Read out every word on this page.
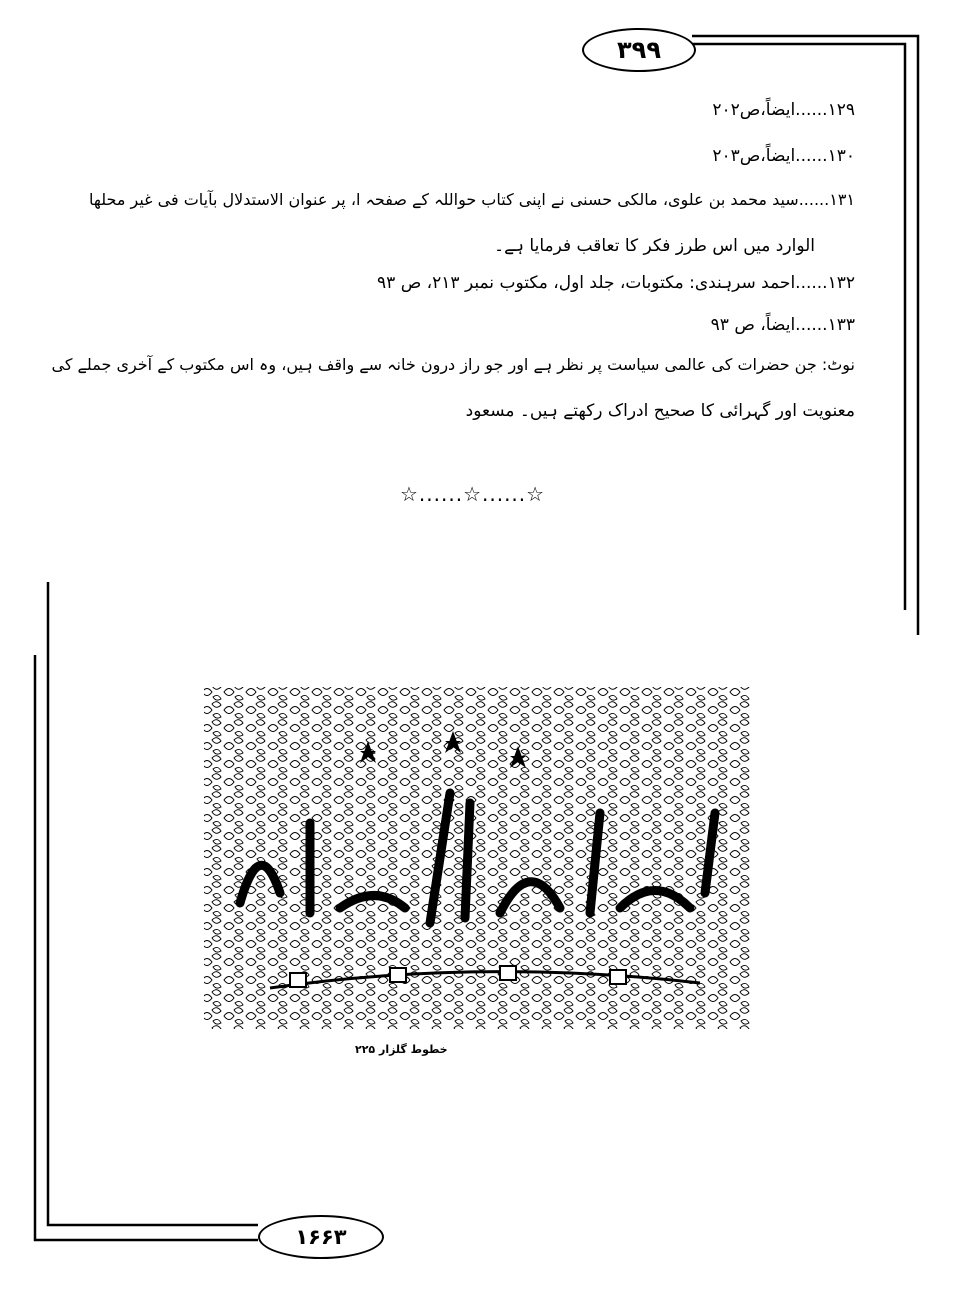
۳۹۹
۱۶۶۳
۱۲۹......ایضاً،ص۲۰۲
۱۳۰......ایضاً،ص۲۰۳
۱۳۱......سید محمد بن علوی، مالکی حسنی نے اپنی کتاب حواللہ کے صفحہ ا، پر عنوان الاستدلال بآیات فی غیر محلها
الوارد میں اس طرز فکر کا تعاقب فرمایا ہے۔
۱۳۲......احمد سرہندی: مکتوبات، جلد اول، مکتوب نمبر ۲۱۳، ص ۹۳
۱۳۳......ایضاً، ص ۹۳
نوٹ: جن حضرات کی عالمی سیاست پر نظر ہے اور جو راز درون خانہ سے واقف ہیں، وہ اس مکتوب کے آخری جملے کی
معنویت اور گہرائی کا صحیح ادراک رکھتے ہیں۔ مسعود
☆......☆......☆
خطوط گلزار ۲۲۵
